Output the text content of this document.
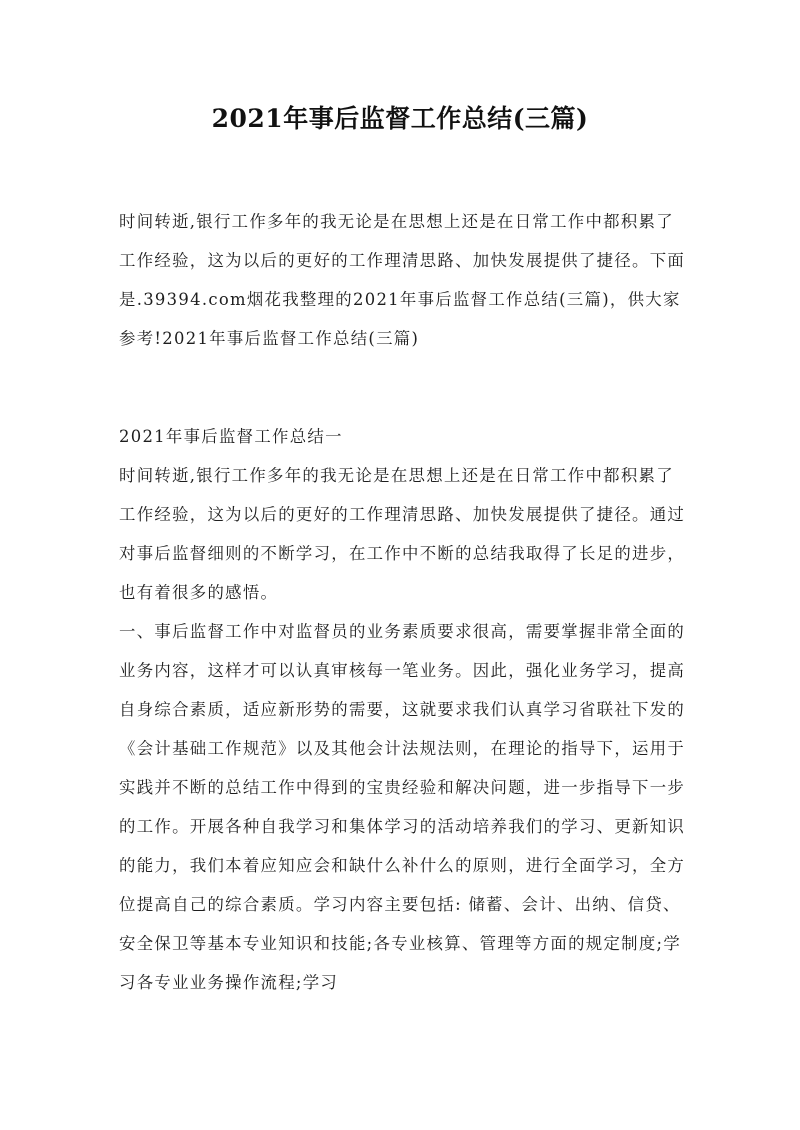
2021年事后监督工作总结(三篇)

时间转逝,银行工作多年的我无论是在思想上还是在日常工作中都积累了工作经验，这为以后的更好的工作理清思路、加快发展提供了捷径。下面是.39394.com烟花我整理的2021年事后监督工作总结(三篇)，供大家参考!2021年事后监督工作总结(三篇)

2021年事后监督工作总结一

时间转逝,银行工作多年的我无论是在思想上还是在日常工作中都积累了工作经验，这为以后的更好的工作理清思路、加快发展提供了捷径。通过对事后监督细则的不断学习，在工作中不断的总结我取得了长足的进步， 也有着很多的感悟。

一、事后监督工作中对监督员的业务素质要求很高，需要掌握非常全面的业务内容，这样才可以认真审核每一笔业务。因此，强化业务学习，提高自身综合素质，适应新形势的需要，这就要求我们认真学习省联社下发的《会计基础工作规范》以及其他会计法规法则，在理论的指导下，运用于实践并不断的总结工作中得到的宝贵经验和解决问题，进一步指导下一步的工作。开展各种自我学习和集体学习的活动培养我们的学习、更新知识的能力，我们本着应知应会和缺什么补什么的原则，进行全面学习，全方位提高自己的综合素质。学习内容主要包括: 储蓄、会计、出纳、信贷、安全保卫等基本专业知识和技能;各专业核算、管理等方面的规定制度;学习各专业业务操作流程;学习
